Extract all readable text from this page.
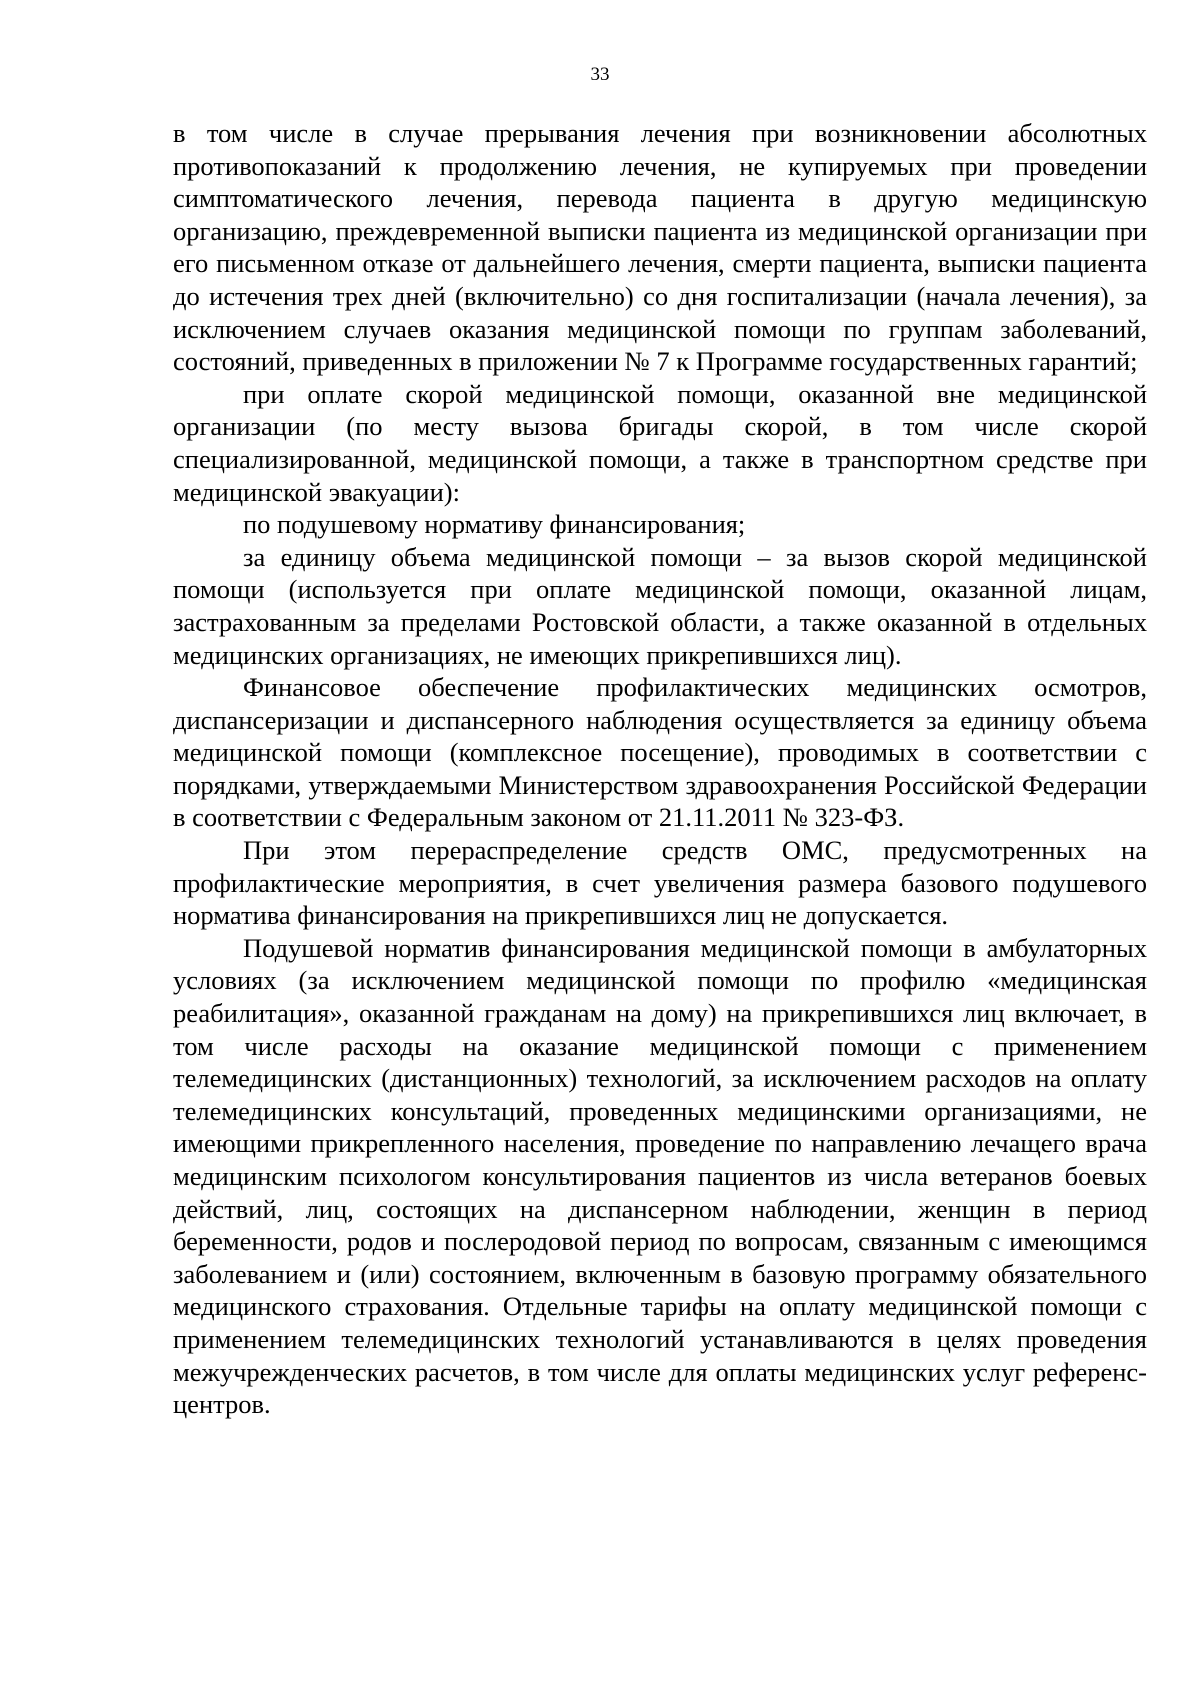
33

в том числе в случае прерывания лечения при возникновении абсолютных противопоказаний к продолжению лечения, не купируемых при проведении симптоматического лечения, перевода пациента в другую медицинскую организацию, преждевременной выписки пациента из медицинской организации при его письменном отказе от дальнейшего лечения, смерти пациента, выписки пациента до истечения трех дней (включительно) со дня госпитализации (начала лечения), за исключением случаев оказания медицинской помощи по группам заболеваний, состояний, приведенных в приложении № 7 к Программе государственных гарантий;

при оплате скорой медицинской помощи, оказанной вне медицинской организации (по месту вызова бригады скорой, в том числе скорой специализированной, медицинской помощи, а также в транспортном средстве при медицинской эвакуации):

по подушевому нормативу финансирования;

за единицу объема медицинской помощи – за вызов скорой медицинской помощи (используется при оплате медицинской помощи, оказанной лицам, застрахованным за пределами Ростовской области, а также оказанной в отдельных медицинских организациях, не имеющих прикрепившихся лиц).

Финансовое обеспечение профилактических медицинских осмотров, диспансеризации и диспансерного наблюдения осуществляется за единицу объема медицинской помощи (комплексное посещение), проводимых в соответствии с порядками, утверждаемыми Министерством здравоохранения Российской Федерации в соответствии с Федеральным законом от 21.11.2011 № 323-ФЗ.

При этом перераспределение средств ОМС, предусмотренных на профилактические мероприятия, в счет увеличения размера базового подушевого норматива финансирования на прикрепившихся лиц не допускается.

Подушевой норматив финансирования медицинской помощи в амбулаторных условиях (за исключением медицинской помощи по профилю «медицинская реабилитация», оказанной гражданам на дому) на прикрепившихся лиц включает, в том числе расходы на оказание медицинской помощи с применением телемедицинских (дистанционных) технологий, за исключением расходов на оплату телемедицинских консультаций, проведенных медицинскими организациями, не имеющими прикрепленного населения, проведение по направлению лечащего врача медицинским психологом консультирования пациентов из числа ветеранов боевых действий, лиц, состоящих на диспансерном наблюдении, женщин в период беременности, родов и послеродовой период по вопросам, связанным с имеющимся заболеванием и (или) состоянием, включенным в базовую программу обязательного медицинского страхования. Отдельные тарифы на оплату медицинской помощи с применением телемедицинских технологий устанавливаются в целях проведения межучрежденческих расчетов, в том числе для оплаты медицинских услуг референс-центров.
